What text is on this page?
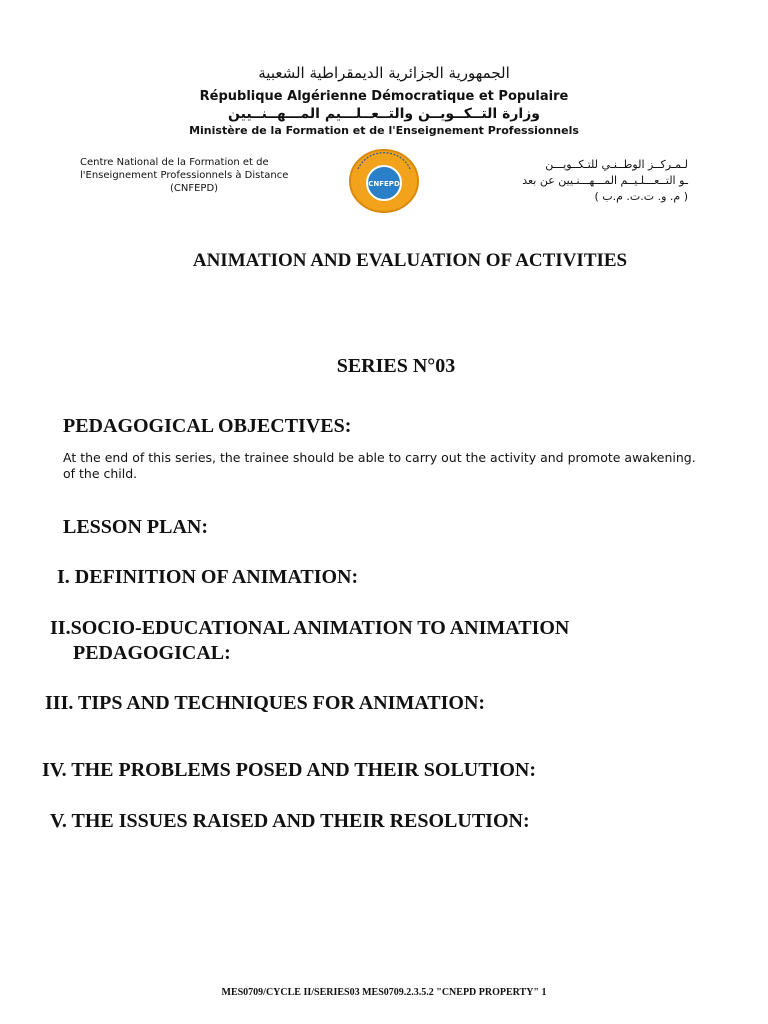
الجمهورية الجزائرية الديمقراطية الشعبية
République Algérienne Démocratique et Populaire
وزارة التــكــويــن والتــعــلـــيم المـــهــنــيين
Ministère de la Formation et de l'Enseignement Professionnels
Centre National de la Formation et de
l'Enseignement Professionnels à Distance
(CNFEPD)	CNFEPD
لـمـركــز الوطــنـي للتـكــويـــن
ـو التــعـــلـيــم المـــهـــنـيين عن بعد
( م. و. ت.ت. م.ب )
ANIMATION AND EVALUATION OF ACTIVITIES
SERIES N°03
PEDAGOGICAL OBJECTIVES:
At the end of this series, the trainee should be able to carry out the activity and promote awakening.
of the child.
LESSON PLAN:
I. DEFINITION OF ANIMATION:
II.SOCIO-EDUCATIONAL ANIMATION TO ANIMATION
PEDAGOGICAL:
III. TIPS AND TECHNIQUES FOR ANIMATION:
IV. THE PROBLEMS POSED AND THEIR SOLUTION:
V. THE ISSUES RAISED AND THEIR RESOLUTION:
MES0709/CYCLE II/SERIES03 MES0709.2.3.5.2 "CNEPD PROPERTY" 1
